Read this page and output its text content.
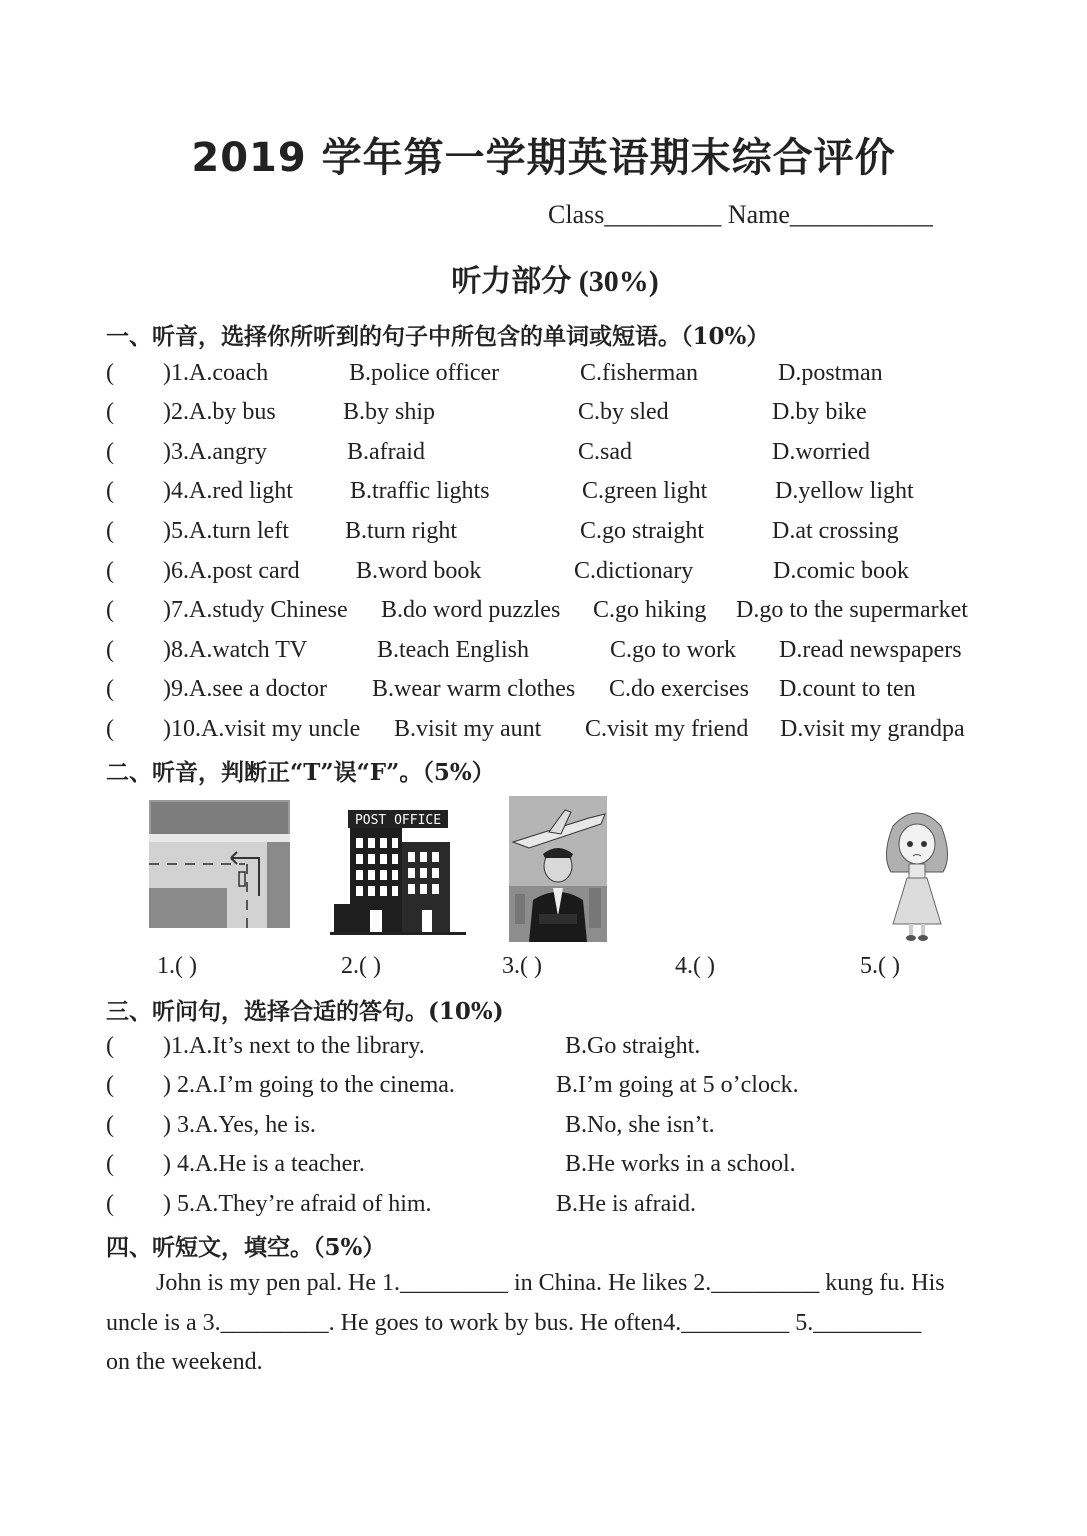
2019 学年第一学期英语期末综合评价
Class_________ Name___________
听力部分 (30%)
一、听音，选择你所听到的句子中所包含的单词或短语。（10%）
( )1.A.coach	B.police officer	C.fisherman	D.postman
( )2.A.by bus	B.by ship	C.by sled	D.by bike
( )3.A.angry	B.afraid	C.sad	D.worried
( )4.A.red light B.traffic lights	C.green light	D.yellow light
( )5.A.turn left B.turn right	C.go straight	D.at crossing
( )6.A.post card B.word book	C.dictionary	D.comic book
( )7.A.study Chinese B.do word puzzles C.go hiking D.go to the supermarket
( )8.A.watch TV	B.teach English	C.go to work D.read newspapers
( )9.A.see a doctor B.wear warm clothes C.do exercises D.count to ten
( )10.A.visit my uncle B.visit my aunt C.visit my friend D.visit my grandpa
二、听音，判断正“T”误“F”。（5%）
POST OFFICE
1.( )	2.( )	3.( )	4.( )	5.( )
三、听问句，选择合适的答句。(10%)
( )1.A.It’s next to the library.	B.Go straight.
( ) 2.A.I’m going to the cinema.	B.I’m going at 5 o’clock.
( ) 3.A.Yes, he is.	B.No, she isn’t.
( ) 4.A.He is a teacher.	B.He works in a school.
( ) 5.A.They’re afraid of him.	B.He is afraid.
四、听短文，填空。（5%）
John is my pen pal. He 1._________ in China. He likes 2._________ kung fu. His
uncle is a 3._________. He goes to work by bus. He often4._________ 5._________
on the weekend.
